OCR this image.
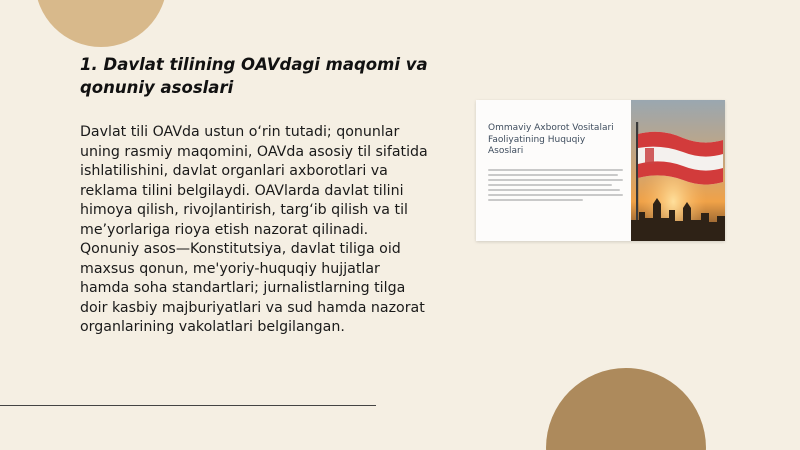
1. Davlat tilining OAVdagi maqomi va qonuniy asoslari

Davlat tili OAVda ustun o‘rin tutadi; qonunlar uning rasmiy maqomini, OAVda asosiy til sifatida ishlatilishini, davlat organlari axborotlari va reklama tilini belgilaydi. OAVlarda davlat tilini himoya qilish, rivojlantirish, targ‘ib qilish va til me’yorlariga rioya etish nazorat qilinadi. Qonuniy asos—Konstitutsiya, davlat tiliga oid maxsus qonun, me'yoriy-huquqiy hujjatlar hamda soha standartlari; jurnalistlarning tilga doir kasbiy majburiyatlari va sud hamda nazorat organlarining vakolatlari belgilangan.

Ommaviy Axborot Vositalari Faoliyatining Huquqiy Asoslari
